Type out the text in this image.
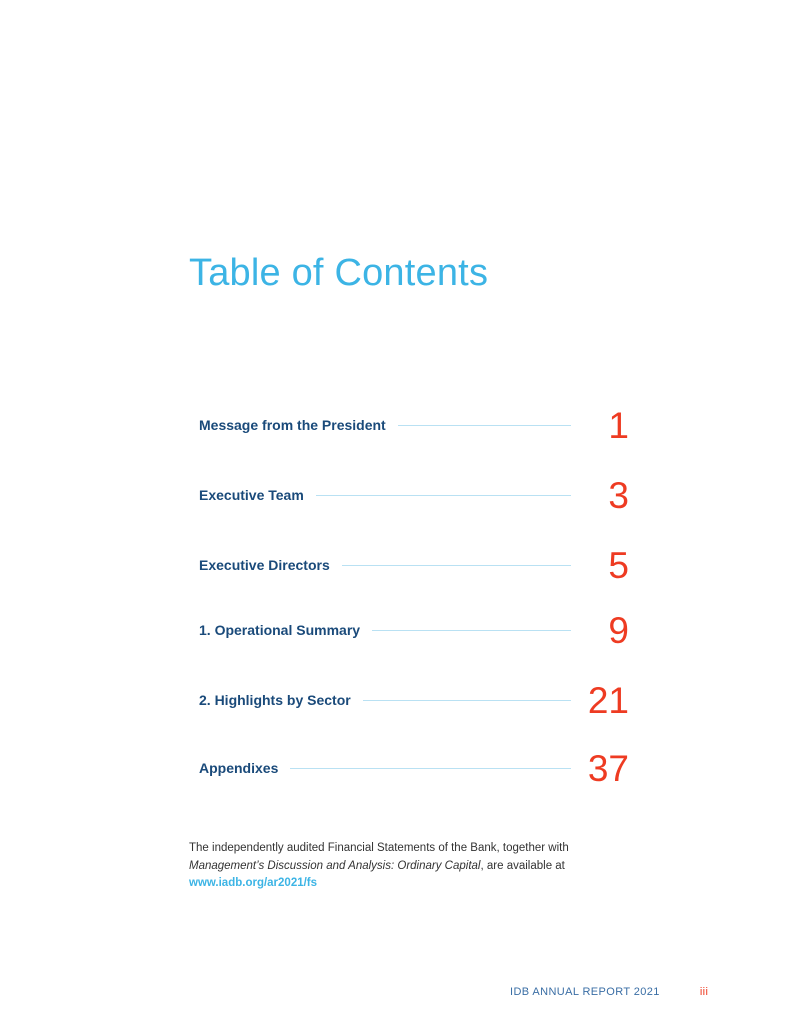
Table of Contents
Message from the President	1
Executive Team	3
Executive Directors	5
1. Operational Summary	9
2. Highlights by Sector	21
Appendixes	37
The independently audited Financial Statements of the Bank, together with Management’s Discussion and Analysis: Ordinary Capital, are available at
www.iadb.org/ar2021/fs
IDB ANNUAL REPORT 2021	iii
